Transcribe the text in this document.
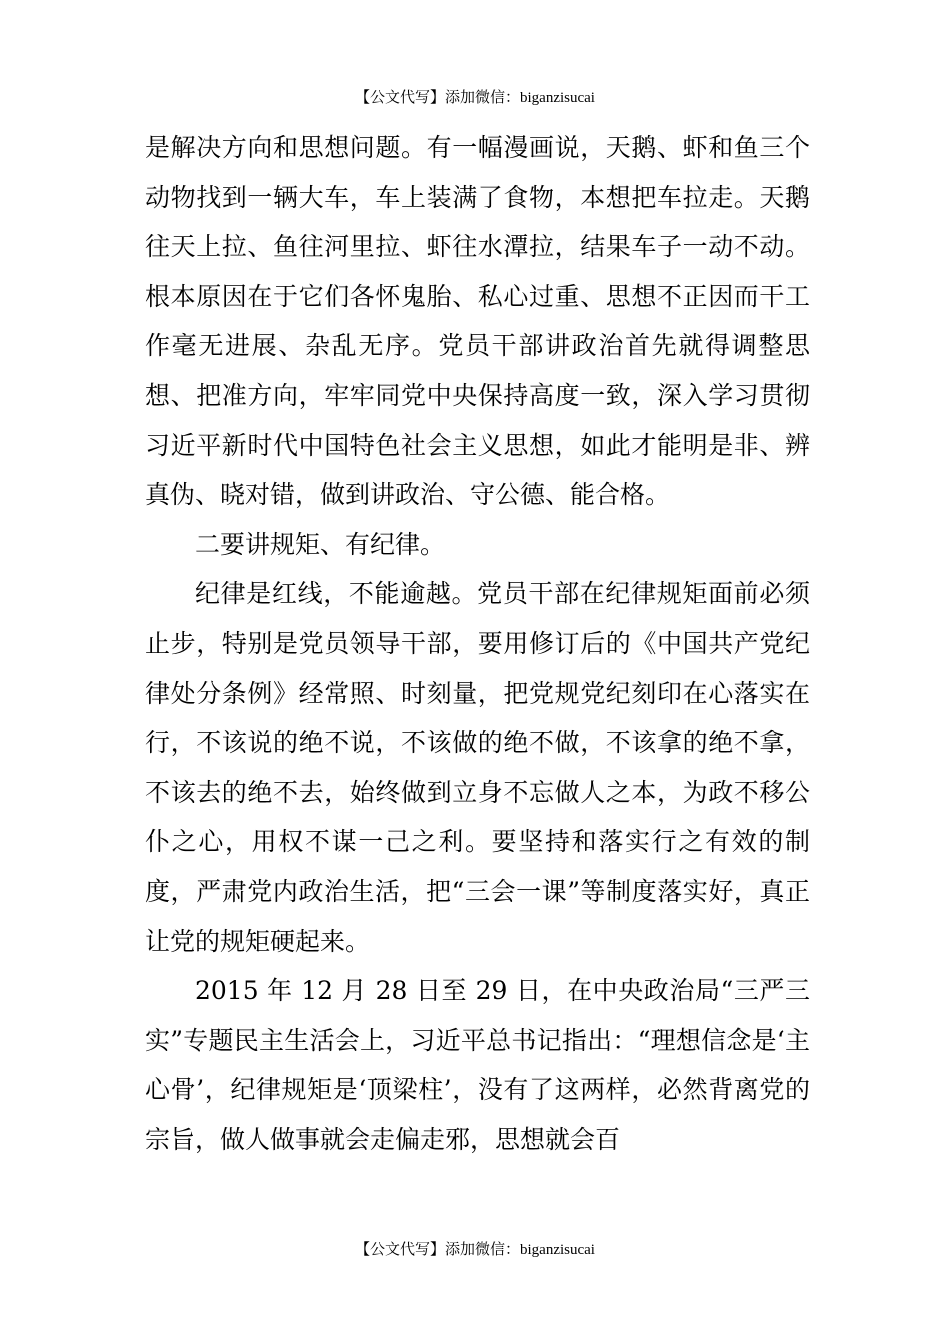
【公文代写】添加微信：biganzisucai

是解决方向和思想问题。有一幅漫画说，天鹅、虾和鱼三个动物找到一辆大车，车上装满了食物，本想把车拉走。天鹅往天上拉、鱼往河里拉、虾往水潭拉，结果车子一动不动。根本原因在于它们各怀鬼胎、私心过重、思想不正因而干工作毫无进展、杂乱无序。党员干部讲政治首先就得调整思想、把准方向，牢牢同党中央保持高度一致，深入学习贯彻习近平新时代中国特色社会主义思想，如此才能明是非、辨真伪、晓对错，做到讲政治、守公德、能合格。

二要讲规矩、有纪律。

纪律是红线，不能逾越。党员干部在纪律规矩面前必须止步，特别是党员领导干部，要用修订后的《中国共产党纪律处分条例》经常照、时刻量，把党规党纪刻印在心落实在行，不该说的绝不说，不该做的绝不做，不该拿的绝不拿，不该去的绝不去，始终做到立身不忘做人之本，为政不移公仆之心，用权不谋一己之利。要坚持和落实行之有效的制度，严肃党内政治生活，把“三会一课”等制度落实好，真正让党的规矩硬起来。

2015 年 12 月 28 日至 29 日，在中央政治局“三严三实”专题民主生活会上，习近平总书记指出：“理想信念是‘主心骨’，纪律规矩是‘顶梁柱’，没有了这两样，必然背离党的宗旨，做人做事就会走偏走邪，思想就会百

【公文代写】添加微信：biganzisucai
